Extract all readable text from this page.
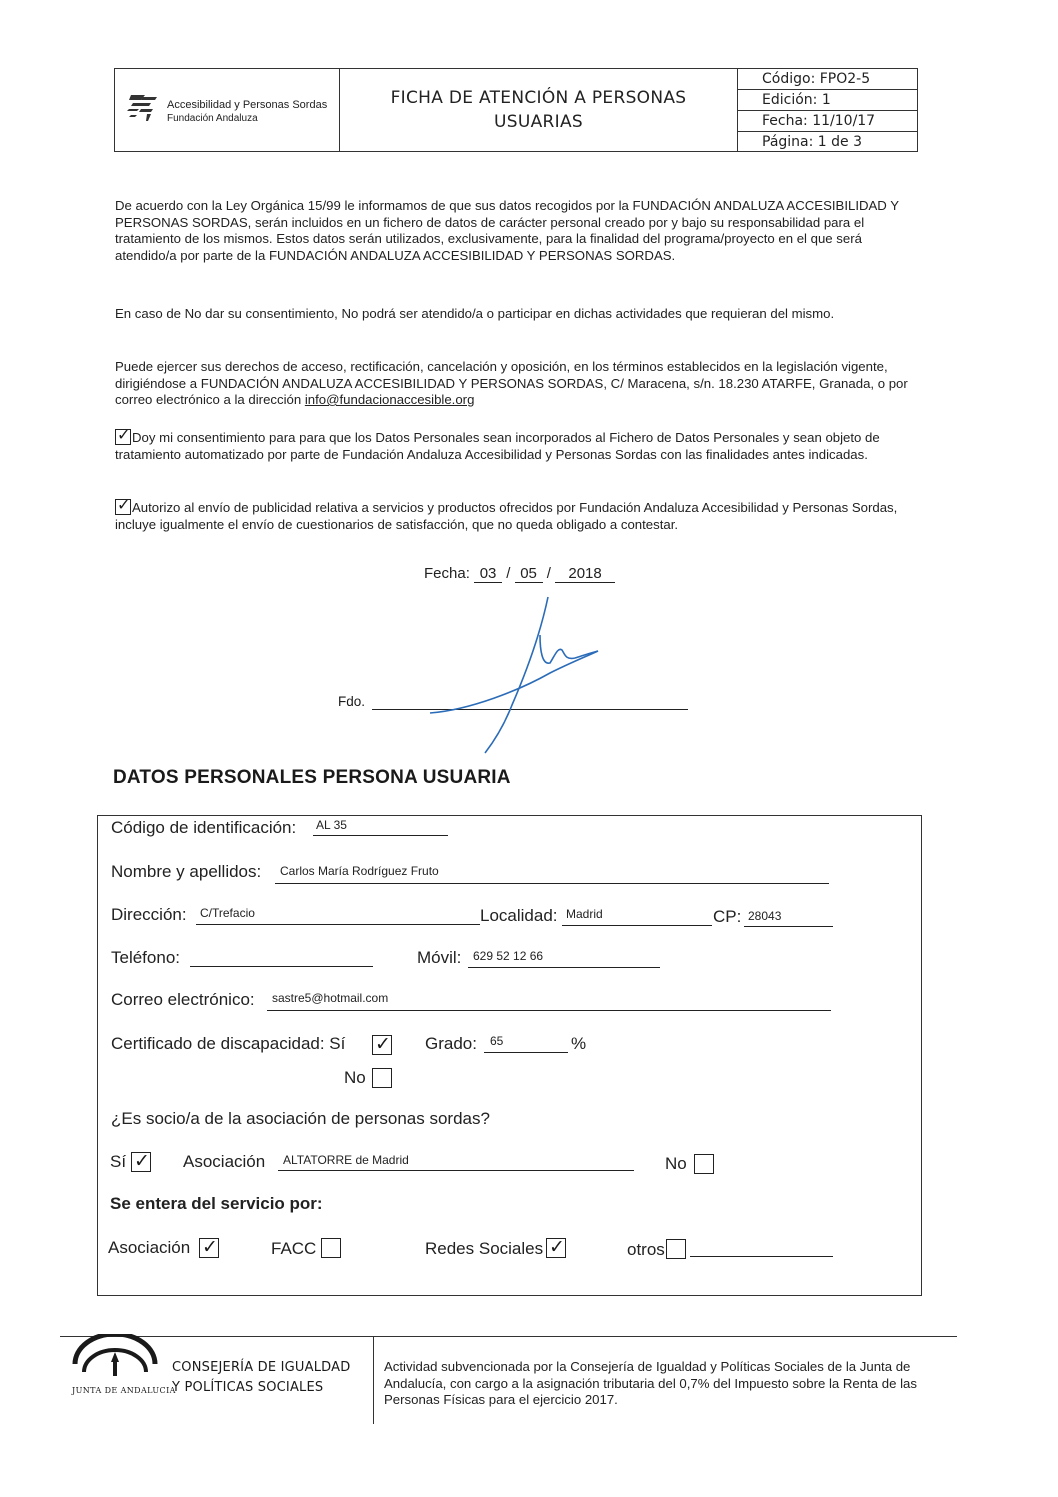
Accesibilidad y Personas Sordas
Fundación Andaluza
FICHA DE ATENCIÓN A PERSONAS
USUARIAS
Código: FPO2-5
Edición: 1
Fecha: 11/10/17
Página: 1 de 3
De acuerdo con la Ley Orgánica 15/99 le informamos de que sus datos recogidos por la FUNDACIÓN ANDALUZA ACCESIBILIDAD Y PERSONAS SORDAS, serán incluidos en un fichero de datos de carácter personal creado por y bajo su responsabilidad para el tratamiento de los mismos. Estos datos serán utilizados, exclusivamente, para la finalidad del programa/proyecto en el que será atendido/a por parte de la FUNDACIÓN ANDALUZA ACCESIBILIDAD Y PERSONAS SORDAS.
En caso de No dar su consentimiento, No podrá ser atendido/a o participar en dichas actividades que requieran del mismo.
Puede ejercer sus derechos de acceso, rectificación, cancelación y oposición, en los términos establecidos en la legislación vigente, dirigiéndose a FUNDACIÓN ANDALUZA ACCESIBILIDAD Y PERSONAS SORDAS, C/ Maracena, s/n. 18.230 ATARFE, Granada, o por correo electrónico a la dirección info@fundacionaccesible.org
✓ Doy mi consentimiento para para que los Datos Personales sean incorporados al Fichero de Datos Personales y sean objeto de tratamiento automatizado por parte de Fundación Andaluza Accesibilidad y Personas Sordas con las finalidades antes indicadas.
✓ Autorizo al envío de publicidad relativa a servicios y productos ofrecidos por Fundación Andaluza Accesibilidad y Personas Sordas, incluye igualmente el envío de cuestionarios de satisfacción, que no queda obligado a contestar.
Fecha: 03 / 05 / 2018
Fdo.
DATOS PERSONALES PERSONA USUARIA
Código de identificación: AL 35
Nombre y apellidos: Carlos María Rodríguez Fruto
Dirección: C/Trefacio	Localidad: Madrid	CP: 28043
Teléfono:	Móvil: 629 52 12 66
Correo electrónico: sastre5@hotmail.com
Certificado de discapacidad: Sí ✓ Grado: 65	%
No
¿Es socio/a de la asociación de personas sordas?
Sí ✓ Asociación ALTATORRE de Madrid	No
Se entera del servicio por:
Asociación ✓	FACC	Redes Sociales ✓	otros
JUNTA DE ANDALUCIA
CONSEJERÍA DE IGUALDAD
Y POLÍTICAS SOCIALES
Actividad subvencionada por la Consejería de Igualdad y Políticas Sociales de la Junta de Andalucía, con cargo a la asignación tributaria del 0,7% del Impuesto sobre la Renta de las Personas Físicas para el ejercicio 2017.
